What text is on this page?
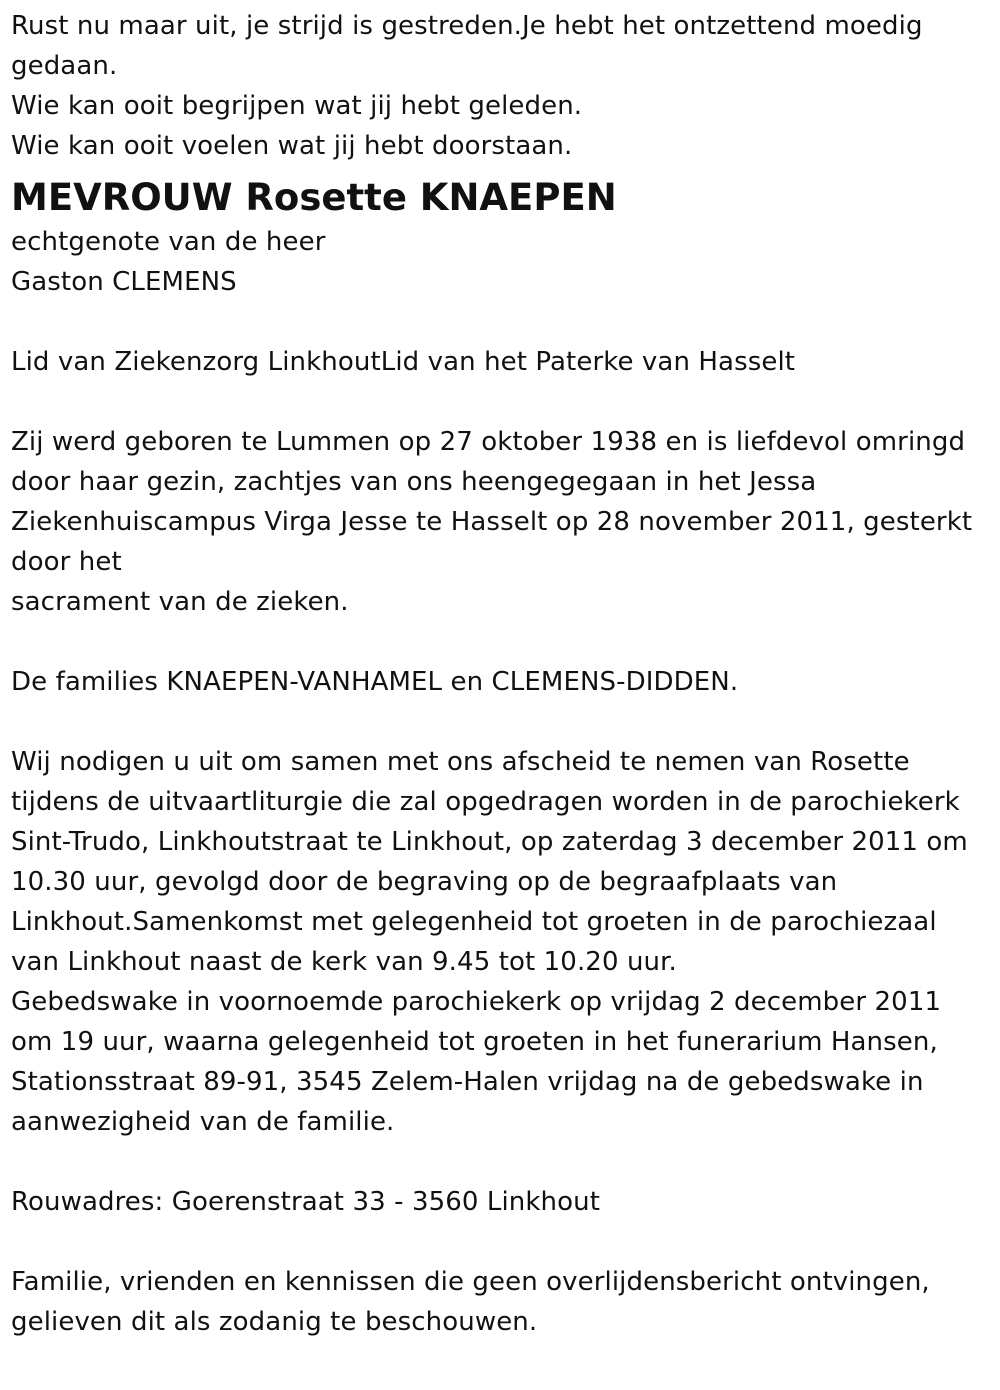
Rust nu maar uit, je strijd is gestreden.Je hebt het ontzettend moedig
gedaan.
Wie kan ooit begrijpen wat jij hebt geleden.
Wie kan ooit voelen wat jij hebt doorstaan.
MEVROUW Rosette KNAEPEN
echtgenote van de heer
Gaston CLEMENS
Lid van Ziekenzorg LinkhoutLid van het Paterke van Hasselt
Zij werd geboren te Lummen op 27 oktober 1938 en is liefdevol omringd
door haar gezin, zachtjes van ons heengegegaan in het Jessa
Ziekenhuiscampus Virga Jesse te Hasselt op 28 november 2011, gesterkt
door het
sacrament van de zieken.
De families KNAEPEN-VANHAMEL en CLEMENS-DIDDEN.
Wij nodigen u uit om samen met ons afscheid te nemen van Rosette
tijdens de uitvaartliturgie die zal opgedragen worden in de parochiekerk
Sint-Trudo, Linkhoutstraat te Linkhout, op zaterdag 3 december 2011 om
10.30 uur, gevolgd door de begraving op de begraafplaats van
Linkhout.Samenkomst met gelegenheid tot groeten in de parochiezaal
van Linkhout naast de kerk van 9.45 tot 10.20 uur.
Gebedswake in voornoemde parochiekerk op vrijdag 2 december 2011
om 19 uur, waarna gelegenheid tot groeten in het funerarium Hansen,
Stationsstraat 89-91, 3545 Zelem-Halen vrijdag na de gebedswake in
aanwezigheid van de familie.
Rouwadres: Goerenstraat 33 - 3560 Linkhout
Familie, vrienden en kennissen die geen overlijdensbericht ontvingen,
gelieven dit als zodanig te beschouwen.
